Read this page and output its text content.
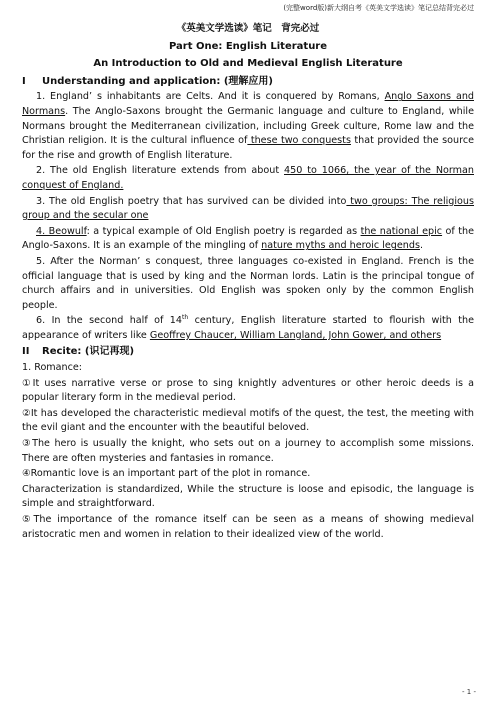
(完整word版)新大纲自考《英美文学选读》笔记总结背完必过
《英美文学选读》笔记　背完必过
Part One: English Literature
An Introduction to Old and Medieval English Literature
I Understanding and application: (理解应用)

1. England’ s inhabitants are Celts. And it is conquered by Romans, Anglo Saxons and Normans. The Anglo-Saxons brought the Germanic language and culture to England, while Normans brought the Mediterranean civilization, including Greek culture, Rome law and the Christian religion. It is the cultural influence of these two conquests that provided the source for the rise and growth of English literature.

2. The old English literature extends from about 450 to 1066, the year of the Norman conquest of England.

3. The old English poetry that has survived can be divided into two groups: The religious group and the secular one

4. Beowulf: a typical example of Old English poetry is regarded as the national epic of the Anglo-Saxons. It is an example of the mingling of nature myths and heroic legends.

5. After the Norman’ s conquest, three languages co-existed in England. French is the official language that is used by king and the Norman lords. Latin is the principal tongue of church affairs and in universities. Old English was spoken only by the common English people.

6. In the second half of 14th century, English literature started to flourish with the appearance of writers like Geoffrey Chaucer, William Langland, John Gower, and others

II Recite: (识记再现)

1. Romance:

①It uses narrative verse or prose to sing knightly adventures or other heroic deeds is a popular literary form in the medieval period.

②It has developed the characteristic medieval motifs of the quest, the test, the meeting with the evil giant and the encounter with the beautiful beloved.

③The hero is usually the knight, who sets out on a journey to accomplish some missions. There are often mysteries and fantasies in romance.

④Romantic love is an important part of the plot in romance.

Characterization is standardized, While the structure is loose and episodic, the language is simple and straightforward.

⑤The importance of the romance itself can be seen as a means of showing medieval aristocratic men and women in relation to their idealized view of the world.

- 1 -
